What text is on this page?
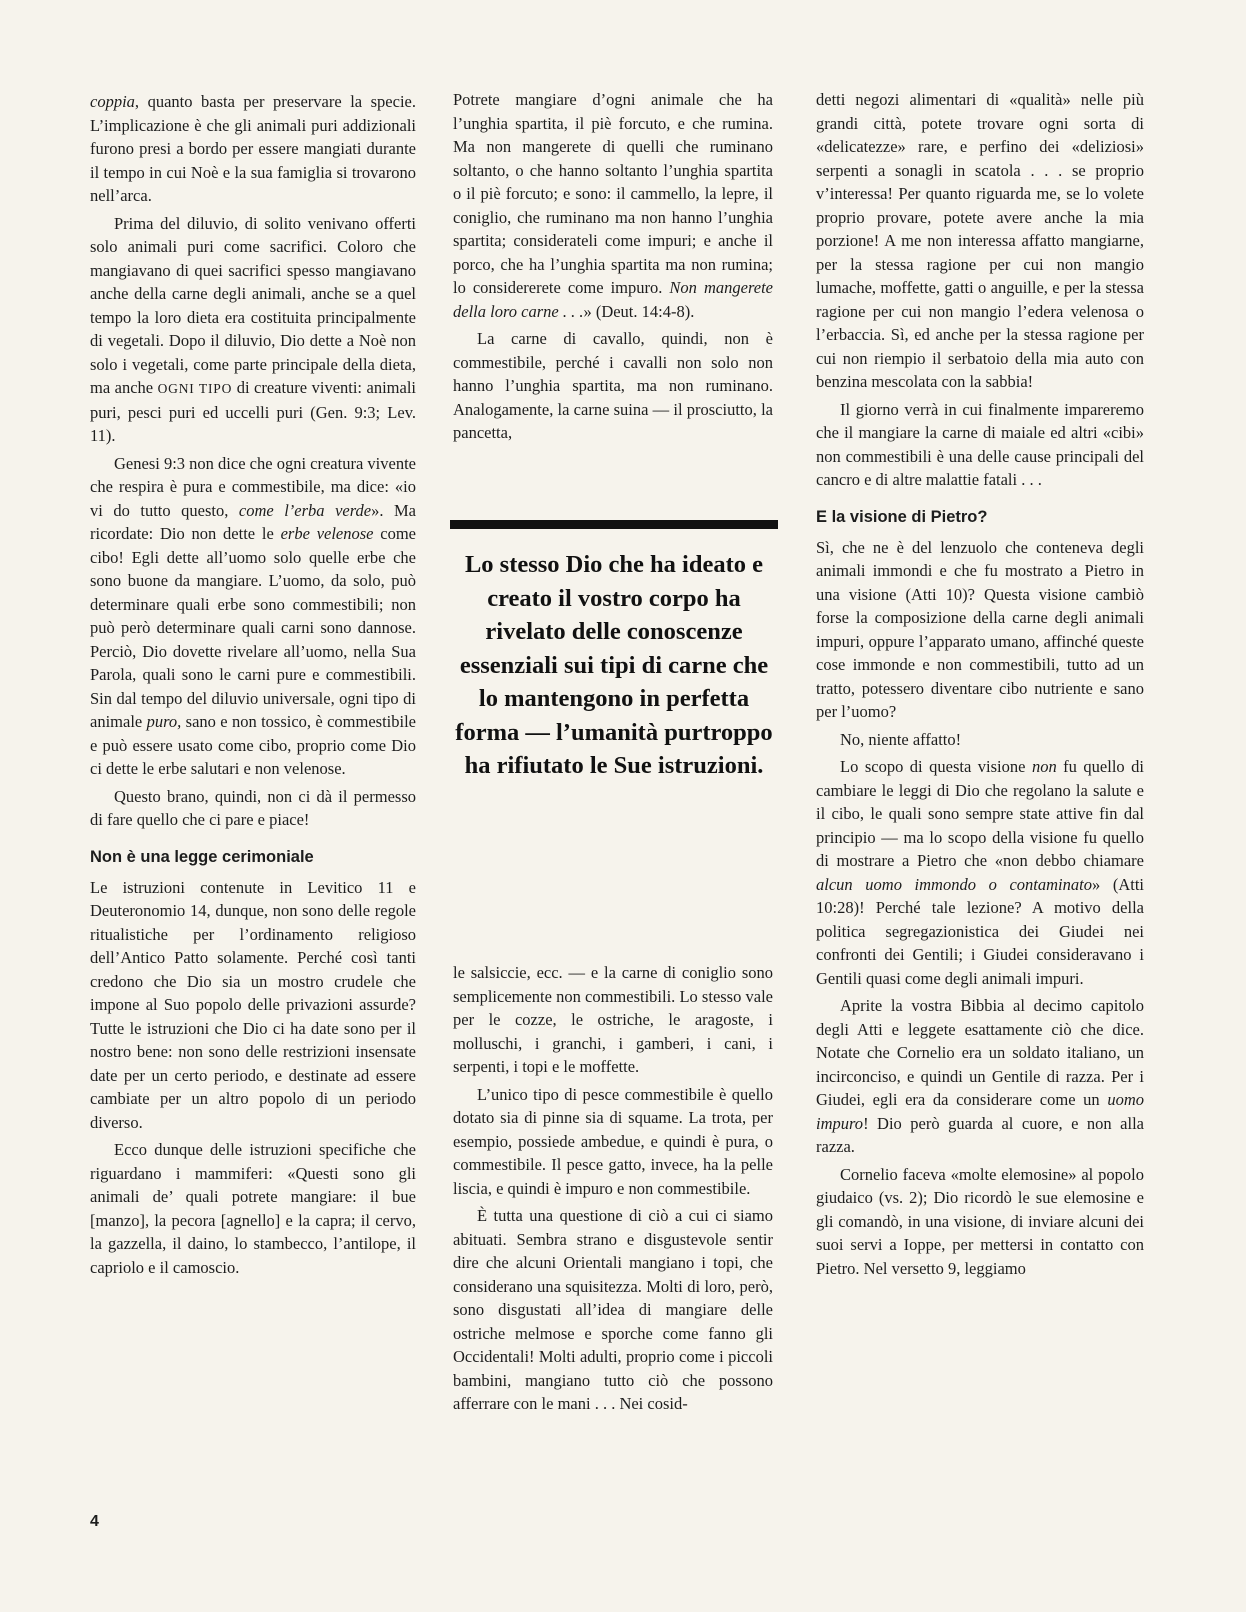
coppia, quanto basta per preservare la specie. L’implicazione è che gli animali puri addizionali furono presi a bordo per essere mangiati durante il tempo in cui Noè e la sua famiglia si trovarono nell’arca.

Prima del diluvio, di solito venivano offerti solo animali puri come sacrifici. Coloro che mangiavano di quei sacrifici spesso mangiavano anche della carne degli animali, anche se a quel tempo la loro dieta era costituita principalmente di vegetali. Dopo il diluvio, Dio dette a Noè non solo i vegetali, come parte principale della dieta, ma anche OGNI TIPO di creature viventi: animali puri, pesci puri ed uccelli puri (Gen. 9:3; Lev. 11).

Genesi 9:3 non dice che ogni creatura vivente che respira è pura e commestibile, ma dice: «io vi do tutto questo, come l’erba verde». Ma ricordate: Dio non dette le erbe velenose come cibo! Egli dette all’uomo solo quelle erbe che sono buone da mangiare. L’uomo, da solo, può determinare quali erbe sono commestibili; non può però determinare quali carni sono dannose. Perciò, Dio dovette rivelare all’uomo, nella Sua Parola, quali sono le carni pure e commestibili. Sin dal tempo del diluvio universale, ogni tipo di animale puro, sano e non tossico, è commestibile e può essere usato come cibo, proprio come Dio ci dette le erbe salutari e non velenose.

Questo brano, quindi, non ci dà il permesso di fare quello che ci pare e piace!

Non è una legge cerimoniale

Le istruzioni contenute in Levitico 11 e Deuteronomio 14, dunque, non sono delle regole ritualistiche per l’ordinamento religioso dell’Antico Patto solamente. Perché così tanti credono che Dio sia un mostro crudele che impone al Suo popolo delle privazioni assurde? Tutte le istruzioni che Dio ci ha date sono per il nostro bene: non sono delle restrizioni insensate date per un certo periodo, e destinate ad essere cambiate per un altro popolo di un periodo diverso.

Ecco dunque delle istruzioni specifiche che riguardano i mammiferi: «Questi sono gli animali de’ quali potrete mangiare: il bue [manzo], la pecora [agnello] e la capra; il cervo, la gazzella, il daino, lo stambecco, l’antilope, il capriolo e il camoscio.

Potrete mangiare d’ogni animale che ha l’unghia spartita, il piè forcuto, e che rumina. Ma non mangerete di quelli che ruminano soltanto, o che hanno soltanto l’unghia spartita o il piè forcuto; e sono: il cammello, la lepre, il coniglio, che ruminano ma non hanno l’unghia spartita; considerateli come impuri; e anche il porco, che ha l’unghia spartita ma non rumina; lo considererete come impuro. Non mangerete della loro carne . . .» (Deut. 14:4-8).

La carne di cavallo, quindi, non è commestibile, perché i cavalli non solo non hanno l’unghia spartita, ma non ruminano. Analogamente, la carne suina — il prosciutto, la pancetta,

Lo stesso Dio che ha ideato e creato il vostro corpo ha rivelato delle conoscenze essenziali sui tipi di carne che lo mantengono in perfetta forma — l’umanità purtroppo ha rifiutato le Sue istruzioni.

le salsiccie, ecc. — e la carne di coniglio sono semplicemente non commestibili. Lo stesso vale per le cozze, le ostriche, le aragoste, i molluschi, i granchi, i gamberi, i cani, i serpenti, i topi e le moffette.

L’unico tipo di pesce commestibile è quello dotato sia di pinne sia di squame. La trota, per esempio, possiede ambedue, e quindi è pura, o commestibile. Il pesce gatto, invece, ha la pelle liscia, e quindi è impuro e non commestibile.

È tutta una questione di ciò a cui ci siamo abituati. Sembra strano e disgustevole sentir dire che alcuni Orientali mangiano i topi, che considerano una squisitezza. Molti di loro, però, sono disgustati all’idea di mangiare delle ostriche melmose e sporche come fanno gli Occidentali! Molti adulti, proprio come i piccoli bambini, mangiano tutto ciò che possono afferrare con le mani . . . Nei cosid-

detti negozi alimentari di «qualità» nelle più grandi città, potete trovare ogni sorta di «delicatezze» rare, e perfino dei «deliziosi» serpenti a sonagli in scatola . . . se proprio v’interessa! Per quanto riguarda me, se lo volete proprio provare, potete avere anche la mia porzione! A me non interessa affatto mangiarne, per la stessa ragione per cui non mangio lumache, moffette, gatti o anguille, e per la stessa ragione per cui non mangio l’edera velenosa o l’erbaccia. Sì, ed anche per la stessa ragione per cui non riempio il serbatoio della mia auto con benzina mescolata con la sabbia!

Il giorno verrà in cui finalmente impareremo che il mangiare la carne di maiale ed altri «cibi» non commestibili è una delle cause principali del cancro e di altre malattie fatali . . .

E la visione di Pietro?

Sì, che ne è del lenzuolo che conteneva degli animali immondi e che fu mostrato a Pietro in una visione (Atti 10)? Questa visione cambiò forse la composizione della carne degli animali impuri, oppure l’apparato umano, affinché queste cose immonde e non commestibili, tutto ad un tratto, potessero diventare cibo nutriente e sano per l’uomo?

No, niente affatto!

Lo scopo di questa visione non fu quello di cambiare le leggi di Dio che regolano la salute e il cibo, le quali sono sempre state attive fin dal principio — ma lo scopo della visione fu quello di mostrare a Pietro che «non debbo chiamare alcun uomo immondo o contaminato» (Atti 10:28)! Perché tale lezione? A motivo della politica segregazionistica dei Giudei nei confronti dei Gentili; i Giudei consideravano i Gentili quasi come degli animali impuri.

Aprite la vostra Bibbia al decimo capitolo degli Atti e leggete esattamente ciò che dice. Notate che Cornelio era un soldato italiano, un incirconciso, e quindi un Gentile di razza. Per i Giudei, egli era da considerare come un uomo impuro! Dio però guarda al cuore, e non alla razza.

Cornelio faceva «molte elemosine» al popolo giudaico (vs. 2); Dio ricordò le sue elemosine e gli comandò, in una visione, di inviare alcuni dei suoi servi a Ioppe, per mettersi in contatto con Pietro. Nel versetto 9, leggiamo

4
